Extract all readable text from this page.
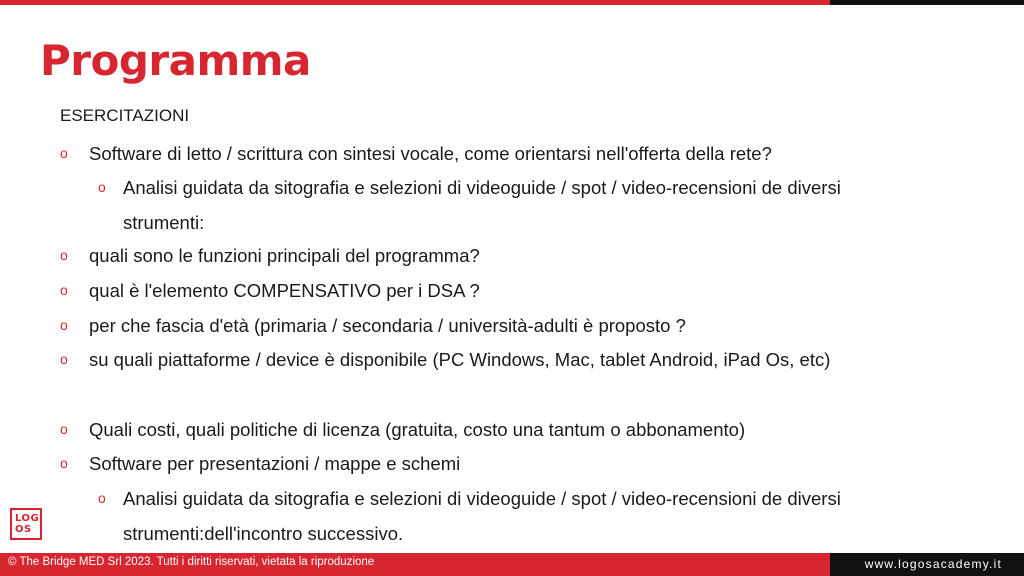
Programma
ESERCITAZIONI
o Software di letto / scrittura con sintesi vocale, come orientarsi nell'offerta della rete?
o Analisi guidata da sitografia e selezioni di videoguide / spot / video-recensioni de diversi strumenti:
o quali sono le funzioni principali del programma?
o qual è l'elemento COMPENSATIVO per i DSA ?
o per che fascia d'età (primaria / secondaria / università-adulti è proposto ?
o su quali piattaforme / device è disponibile (PC Windows, Mac, tablet Android, iPad Os, etc)
o Quali costi, quali politiche di licenza (gratuita, costo una tantum o abbonamento)
o Software per presentazioni / mappe e schemi
o Analisi guidata da sitografia e selezioni di videoguide / spot / video-recensioni de diversi strumenti:dell'incontro successivo.
LOG
OS
© The Bridge MED Srl 2023. Tutti i diritti riservati, vietata la riproduzione	www.logosacademy.it
